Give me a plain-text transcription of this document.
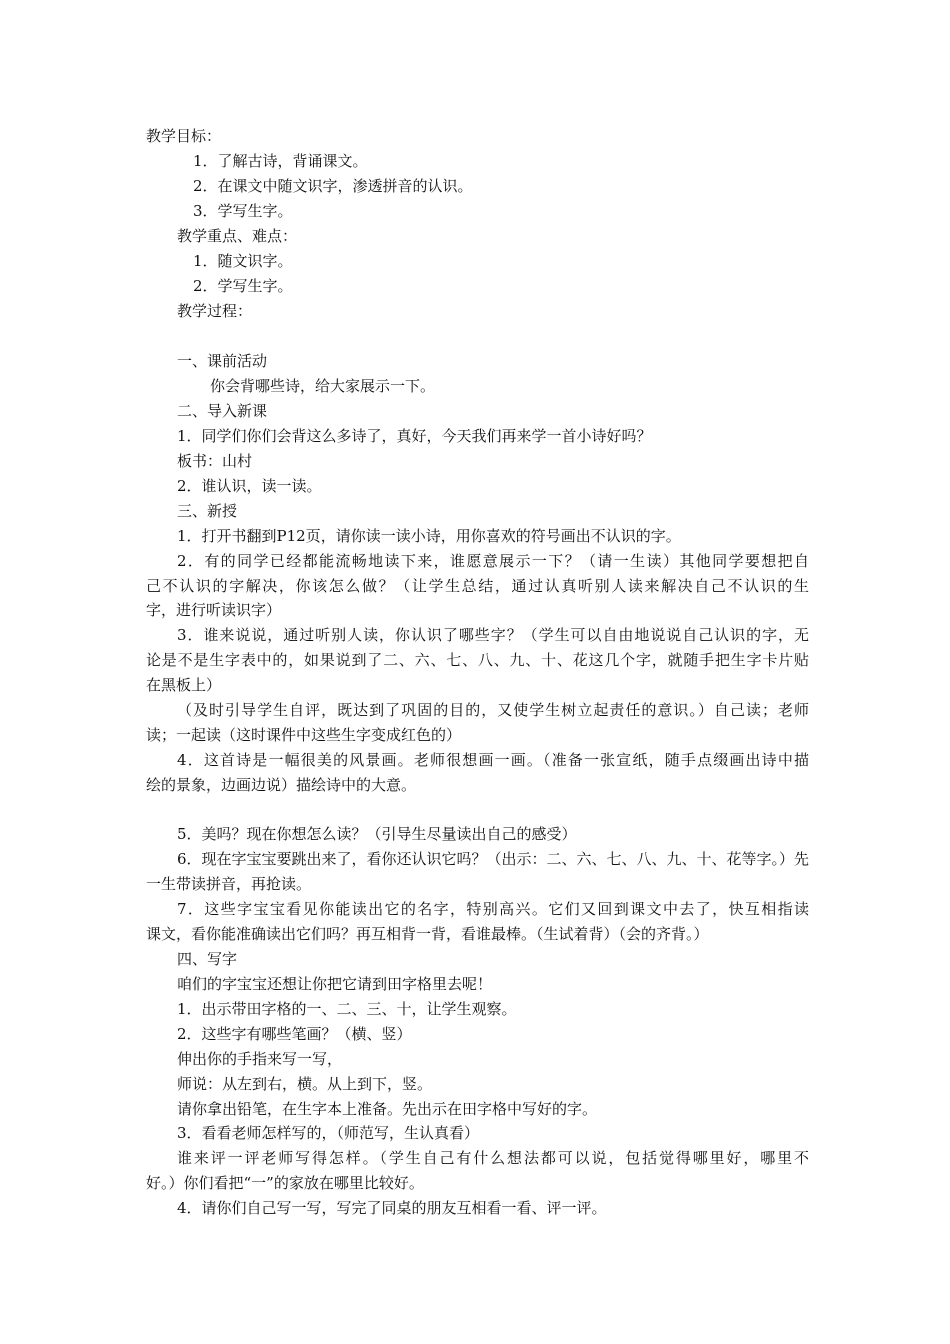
教学目标：
1．了解古诗，背诵课文。
2．在课文中随文识字，渗透拼音的认识。
3．学写生字。
教学重点、难点：
1．随文识字。
2．学写生字。
教学过程：
一、课前活动
你会背哪些诗，给大家展示一下。
二、导入新课
1．同学们你们会背这么多诗了，真好，今天我们再来学一首小诗好吗？
板书：山村
2．谁认识，读一读。
三、新授
1．打开书翻到P12页，请你读一读小诗，用你喜欢的符号画出不认识的字。
2．有的同学已经都能流畅地读下来，谁愿意展示一下？（请一生读）其他同学要想把自
己不认识的字解决，你该怎么做？（让学生总结，通过认真听别人读来解决自己不认识的生
字，进行听读识字）
3．谁来说说，通过听别人读，你认识了哪些字？（学生可以自由地说说自己认识的字，无
论是不是生字表中的，如果说到了二、六、七、八、九、十、花这几个字，就随手把生字卡片贴
在黑板上）
（及时引导学生自评，既达到了巩固的目的，又使学生树立起责任的意识。）自己读；老师
读；一起读（这时课件中这些生字变成红色的）
4．这首诗是一幅很美的风景画。老师很想画一画。（准备一张宣纸，随手点缀画出诗中描
绘的景象，边画边说）描绘诗中的大意。
5．美吗？现在你想怎么读？（引导生尽量读出自己的感受）
6．现在字宝宝要跳出来了，看你还认识它吗？（出示：二、六、七、八、九、十、花等字。）先
一生带读拼音，再抢读。
7．这些字宝宝看见你能读出它的名字，特别高兴。它们又回到课文中去了，快互相指读
课文，看你能准确读出它们吗？再互相背一背，看谁最棒。（生试着背）（会的齐背。）
四、写字
咱们的字宝宝还想让你把它请到田字格里去呢！
1．出示带田字格的一、二、三、十，让学生观察。
2．这些字有哪些笔画？（横、竖）
伸出你的手指来写一写，
师说：从左到右，横。从上到下，竖。
请你拿出铅笔，在生字本上准备。先出示在田字格中写好的字。
3．看看老师怎样写的，（师范写，生认真看）
谁来评一评老师写得怎样。（学生自己有什么想法都可以说，包括觉得哪里好，哪里不
好。）你们看把“一”的家放在哪里比较好。
4．请你们自己写一写，写完了同桌的朋友互相看一看、评一评。
